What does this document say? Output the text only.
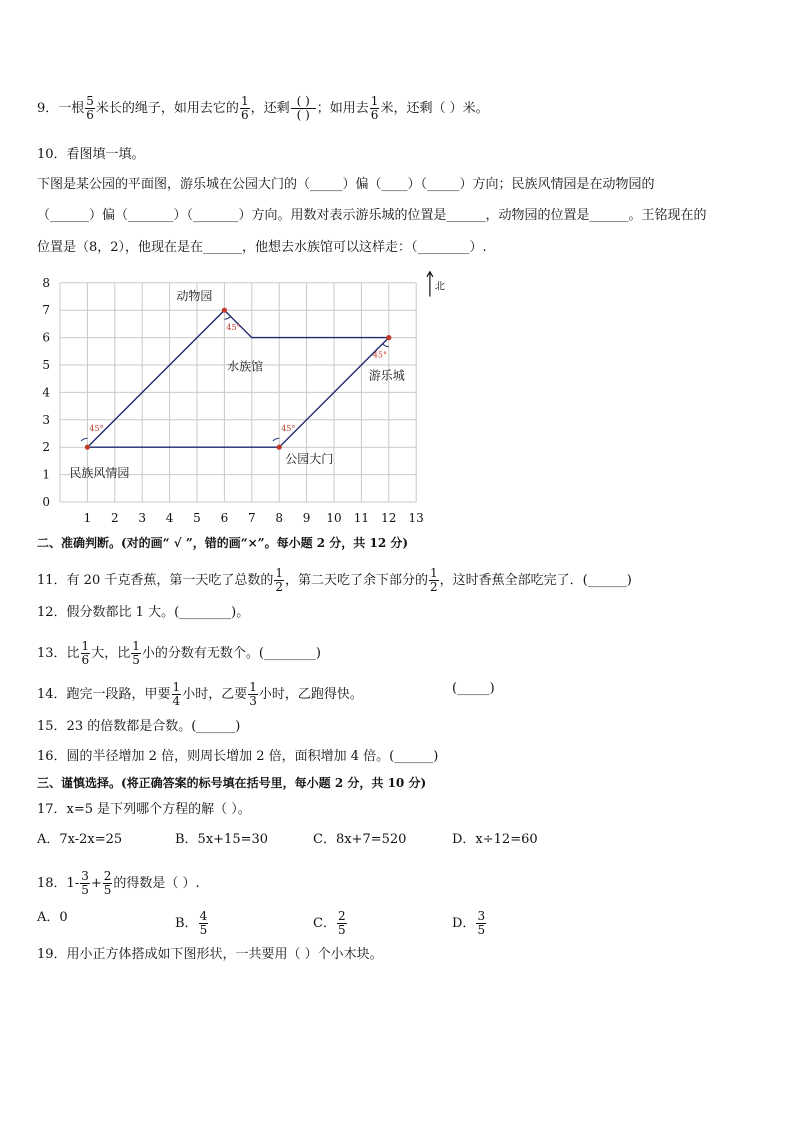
9．一根 $\frac{5}{6}$ 米长的绳子，如用去它的 $\frac{1}{6}$ ，还剩 $\frac{( )}{( )}$ ；如用去 $\frac{1}{6}$ 米，还剩（ ）米。
10．看图填一填。
下图是某公园的平面图，游乐城在公园大门的（_____）偏（____）（_____）方向；民族风情园是在动物园的
（______）偏（_______）（_______）方向。用数对表示游乐城的位置是______，动物园的位置是______。王铭现在的
位置是（8，2），他现在是在______，他想去水族馆可以这样走：（________）.
0
1
2
3
4
5
6
7
8
1 2 3 4 5 6 7 8 9 10 11 12 13
45°
45°
45°
45°
动物园
游乐城
公园大门
民族风情园
水族馆
北
二、准确判断。(对的画“ √ ”，错的画“×”。每小题 2 分，共 12 分)
11．有 20 千克香蕉，第一天吃了总数的 $\frac{1}{2}$ ，第二天吃了余下部分的 $\frac{1}{2}$ ，这时香蕉全部吃完了．(______)
12．假分数都比 1 大。(________)。
13．比 $\frac{1}{6}$ 大，比 $\frac{1}{5}$ 小的分数有无数个。(________)
14．跑完一段路，甲要 $\frac{1}{4}$ 小时，乙要 $\frac{1}{3}$ 小时，乙跑得快。	(_____)
15．23 的倍数都是合数。(______)
16．圆的半径增加 2 倍，则周长增加 2 倍，面积增加 4 倍。(______)
三、谨慎选择。(将正确答案的标号填在括号里，每小题 2 分，共 10 分)
17．x=5 是下列哪个方程的解（ ）。
A．7x-2x=25	B．5x+15=30	C．8x+7=520	D．x÷12=60
18．$1- \frac{3}{5} + \frac{2}{5}$ 的得数是（ ）.
A．0	B． $\frac{4}{5}$	C． $\frac{2}{5}$	D． $\frac{3}{5}$
19．用小正方体搭成如下图形状，一共要用（ ）个小木块。
